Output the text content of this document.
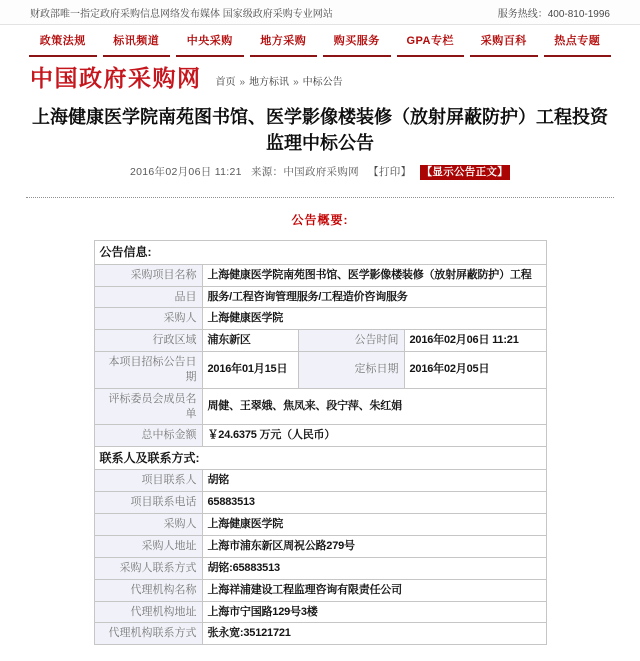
财政部唯一指定政府采购信息网络发布媒体 国家级政府采购专业网站	服务热线：400-810-1996
政策法规	标讯频道	中央采购	地方采购	购买服务	GPA专栏	采购百科	热点专题
中国政府采购网 首页 » 地方标讯 » 中标公告
上海健康医学院南苑图书馆、医学影像楼装修（放射屏蔽防护）工程投资监理中标公告
2016年02月06日 11:21 来源：中国政府采购网 【打印】 【显示公告正文】
公告概要:
公告信息:			
采购项目名称	上海健康医学院南苑图书馆、医学影像楼装修（放射屏蔽防护）工程		
品目	服务/工程咨询管理服务/工程造价咨询服务		
采购人	上海健康医学院		
行政区域	浦东新区	公告时间	2016年02月06日 11:21
本项目招标公告日期	2016年01月15日	定标日期	2016年02月05日
评标委员会成员名单	周健、王翠娥、焦凤来、段宁萍、朱红娟		
总中标金额	￥24.6375 万元（人民币）		
联系人及联系方式:			
项目联系人	胡铭		
项目联系电话	65883513		
采购人	上海健康医学院		
采购人地址	上海市浦东新区周祝公路279号		
采购人联系方式	胡铭:65883513		
代理机构名称	上海祥浦建设工程监理咨询有限责任公司		
代理机构地址	上海市宁国路129号3楼		
代理机构联系方式	张永宽:35121721		
